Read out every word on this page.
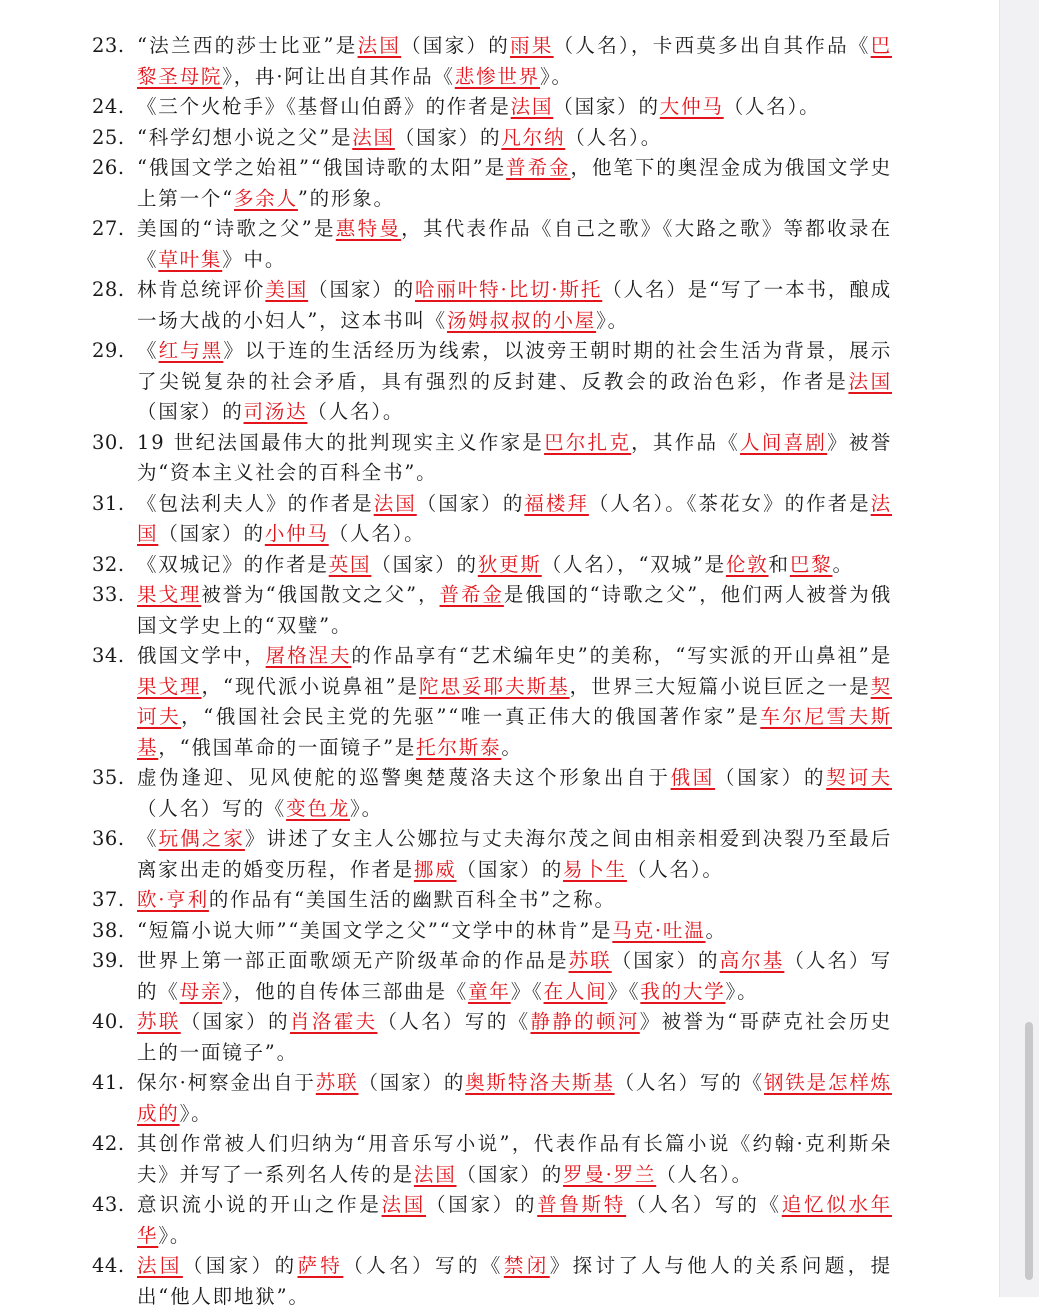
23. “法兰西的莎士比亚”是法国（国家）的雨果（人名），卡西莫多出自其作品《巴黎圣母院》，冉·阿让出自其作品《悲惨世界》。
24. 《三个火枪手》《基督山伯爵》的作者是法国（国家）的大仲马（人名）。
25. “科学幻想小说之父”是法国（国家）的凡尔纳（人名）。
26. “俄国文学之始祖”“俄国诗歌的太阳”是普希金，他笔下的奥涅金成为俄国文学史上第一个“多余人”的形象。
27. 美国的“诗歌之父”是惠特曼，其代表作品《自己之歌》《大路之歌》等都收录在《草叶集》中。
28. 林肯总统评价美国（国家）的哈丽叶特·比切·斯托（人名）是“写了一本书，酿成一场大战的小妇人”，这本书叫《汤姆叔叔的小屋》。
29. 《红与黑》以于连的生活经历为线索，以波旁王朝时期的社会生活为背景，展示了尖锐复杂的社会矛盾，具有强烈的反封建、反教会的政治色彩，作者是法国（国家）的司汤达（人名）。
30. 19 世纪法国最伟大的批判现实主义作家是巴尔扎克，其作品《人间喜剧》被誉为“资本主义社会的百科全书”。
31. 《包法利夫人》的作者是法国（国家）的福楼拜（人名）。《茶花女》的作者是法国（国家）的小仲马（人名）。
32. 《双城记》的作者是英国（国家）的狄更斯（人名），“双城”是伦敦和巴黎。
33. 果戈理被誉为“俄国散文之父”，普希金是俄国的“诗歌之父”，他们两人被誉为俄国文学史上的“双璧”。
34. 俄国文学中，屠格涅夫的作品享有“艺术编年史”的美称，“写实派的开山鼻祖”是果戈理，“现代派小说鼻祖”是陀思妥耶夫斯基，世界三大短篇小说巨匠之一是契诃夫，“俄国社会民主党的先驱”“唯一真正伟大的俄国著作家”是车尔尼雪夫斯基，“俄国革命的一面镜子”是托尔斯泰。
35. 虚伪逢迎、见风使舵的巡警奥楚蔑洛夫这个形象出自于俄国（国家）的契诃夫（人名）写的《变色龙》。
36. 《玩偶之家》讲述了女主人公娜拉与丈夫海尔茂之间由相亲相爱到决裂乃至最后离家出走的婚变历程，作者是挪威（国家）的易卜生（人名）。
37. 欧·亨利的作品有“美国生活的幽默百科全书”之称。
38. “短篇小说大师”“美国文学之父”“文学中的林肯”是马克·吐温。
39. 世界上第一部正面歌颂无产阶级革命的作品是苏联（国家）的高尔基（人名）写的《母亲》，他的自传体三部曲是《童年》《在人间》《我的大学》。
40. 苏联（国家）的肖洛霍夫（人名）写的《静静的顿河》被誉为“哥萨克社会历史上的一面镜子”。
41. 保尔·柯察金出自于苏联（国家）的奥斯特洛夫斯基（人名）写的《钢铁是怎样炼成的》。
42. 其创作常被人们归纳为“用音乐写小说”，代表作品有长篇小说《约翰·克利斯朵夫》并写了一系列名人传的是法国（国家）的罗曼·罗兰（人名）。
43. 意识流小说的开山之作是法国（国家）的普鲁斯特（人名）写的《追忆似水年华》。
44. 法国（国家）的萨特（人名）写的《禁闭》探讨了人与他人的关系问题，提出“他人即地狱”。
